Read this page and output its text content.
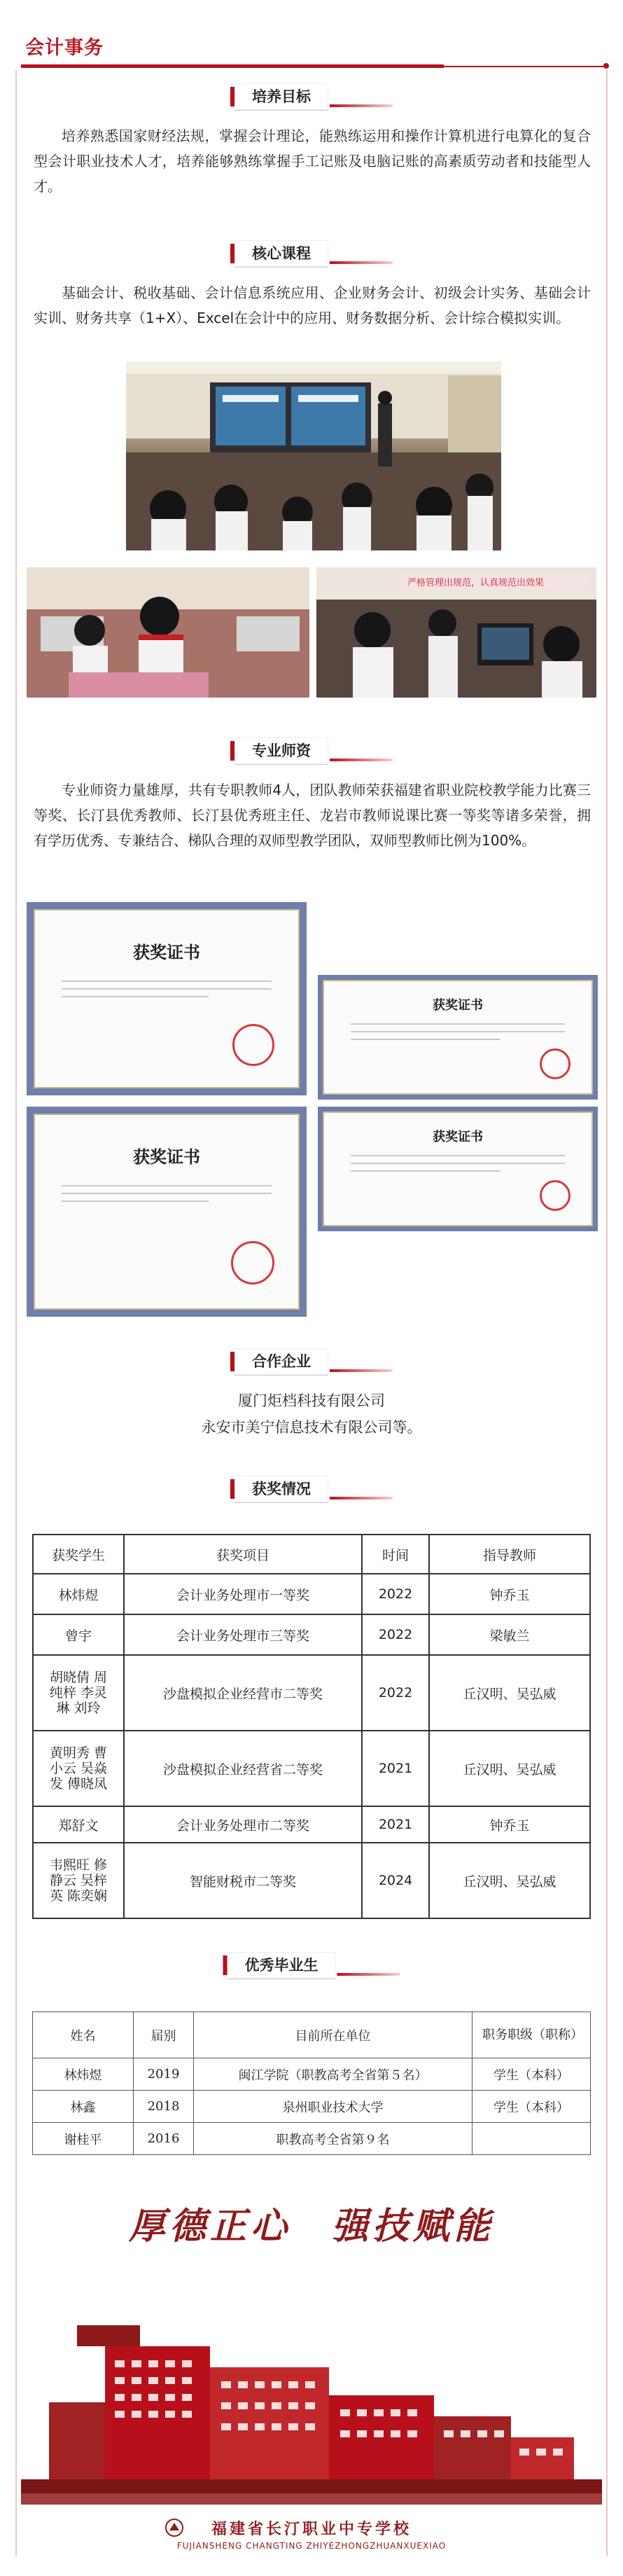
会计事务
培养目标
培养熟悉国家财经法规，掌握会计理论，能熟练运用和操作计算机进行电算化的复合型会计职业技术人才，培养能够熟练掌握手工记账及电脑记账的高素质劳动者和技能型人才。
核心课程
基础会计、税收基础、会计信息系统应用、企业财务会计、初级会计实务、基础会计实训、财务共享（1+X）、Excel在会计中的应用、财务数据分析、会计综合模拟实训。
严格管理出规范，认真规范出效果
专业师资
专业师资力量雄厚，共有专职教师4人，团队教师荣获福建省职业院校教学能力比赛三等奖、长汀县优秀教师、长汀县优秀班主任、龙岩市教师说课比赛一等奖等诸多荣誉，拥有学历优秀、专兼结合、梯队合理的双师型教学团队，双师型教师比例为100%。
获奖证书
获奖证书
获奖证书
获奖证书
合作企业
厦门炬档科技有限公司
永安市美宁信息技术有限公司等。
获奖情况
获奖学生	获奖项目	时间	指导教师
林炜煜	会计业务处理市一等奖	2022	钟乔玉
曾宇	会计业务处理市三等奖	2022	梁敏兰
胡晓倩 周纯梓 李灵琳 刘玲	沙盘模拟企业经营市二等奖	2022	丘汉明、吴弘威
黄明秀 曹小云 吴焱发 傅晓凤	沙盘模拟企业经营省二等奖	2021	丘汉明、吴弘威
郑舒文	会计业务处理市二等奖	2021	钟乔玉
韦熙旺 修静云 吴梓英 陈奕娴	智能财税市二等奖	2024	丘汉明、吴弘威
优秀毕业生
姓名	届别	目前所在单位	职务职级（职称）
林炜煜	2019	闽江学院（职教高考全省第５名）	学生（本科）
林鑫	2018	泉州职业技术大学	学生（本科）
谢桂平	2016	职教高考全省第９名	
厚德正心　强技赋能
福建省长汀职业中专学校
FUJIANSHENG CHANGTING ZHIYEZHONGZHUANXUEXIAO
